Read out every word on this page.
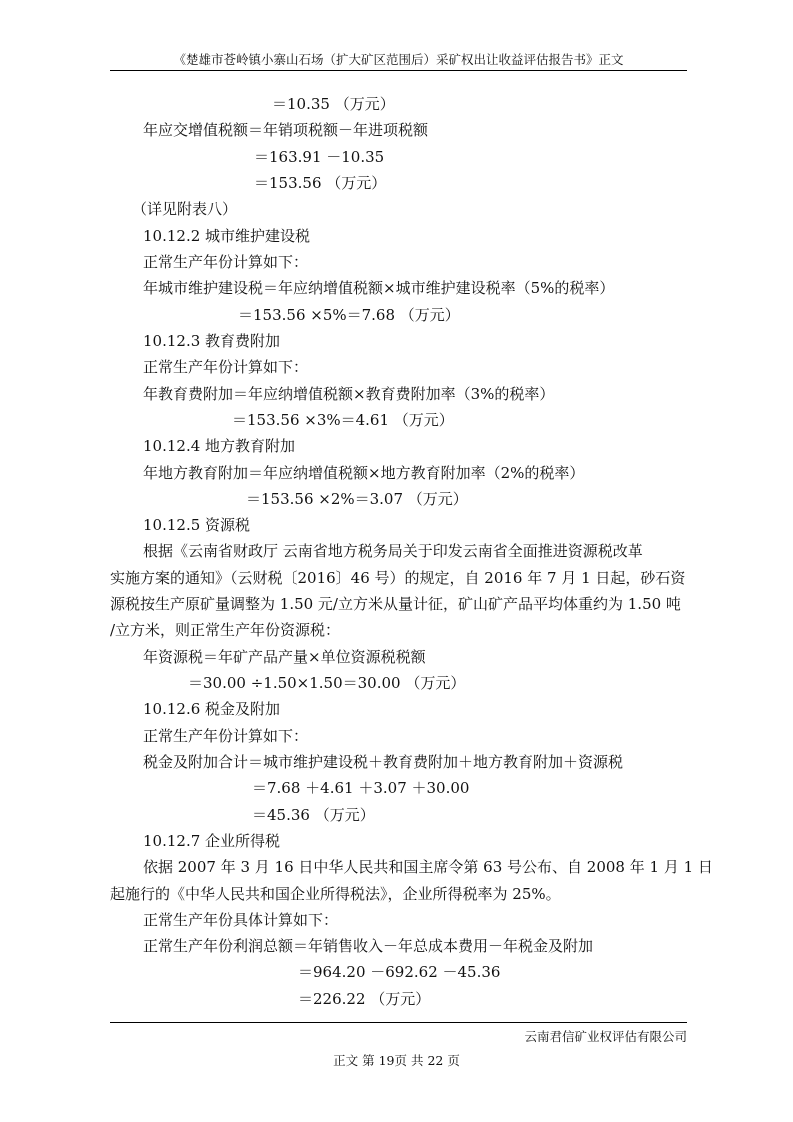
《楚雄市苍岭镇小寨山石场（扩大矿区范围后）采矿权出让收益评估报告书》正文
＝10.35 （万元）
年应交增值税额＝年销项税额－年进项税额
＝163.91 －10.35
＝153.56 （万元）
（详见附表八）
10.12.2 城市维护建设税
正常生产年份计算如下：
年城市维护建设税＝年应纳增值税额×城市维护建设税率（5%的税率）
＝153.56 ×5%＝7.68 （万元）
10.12.3 教育费附加
正常生产年份计算如下：
年教育费附加＝年应纳增值税额×教育费附加率（3%的税率）
＝153.56 ×3%＝4.61 （万元）
10.12.4 地方教育附加
年地方教育附加＝年应纳增值税额×地方教育附加率（2%的税率）
＝153.56 ×2%＝3.07 （万元）
10.12.5 资源税
根据《云南省财政厅 云南省地方税务局关于印发云南省全面推进资源税改革
实施方案的通知》（云财税〔2016〕46 号）的规定，自 2016 年 7 月 1 日起，砂石资
源税按生产原矿量调整为 1.50 元/立方米从量计征，矿山矿产品平均体重约为 1.50 吨
/立方米，则正常生产年份资源税：
年资源税＝年矿产品产量×单位资源税税额
＝30.00 ÷1.50×1.50＝30.00 （万元）
10.12.6 税金及附加
正常生产年份计算如下：
税金及附加合计＝城市维护建设税＋教育费附加＋地方教育附加＋资源税
＝7.68 ＋4.61 ＋3.07 ＋30.00
＝45.36 （万元）
10.12.7 企业所得税
依据 2007 年 3 月 16 日中华人民共和国主席令第 63 号公布、自 2008 年 1 月 1 日
起施行的《中华人民共和国企业所得税法》，企业所得税率为 25%。
正常生产年份具体计算如下：
正常生产年份利润总额＝年销售收入－年总成本费用－年税金及附加
＝964.20 －692.62 －45.36
＝226.22 （万元）
云南君信矿业权评估有限公司
正文 第 19页 共 22 页
